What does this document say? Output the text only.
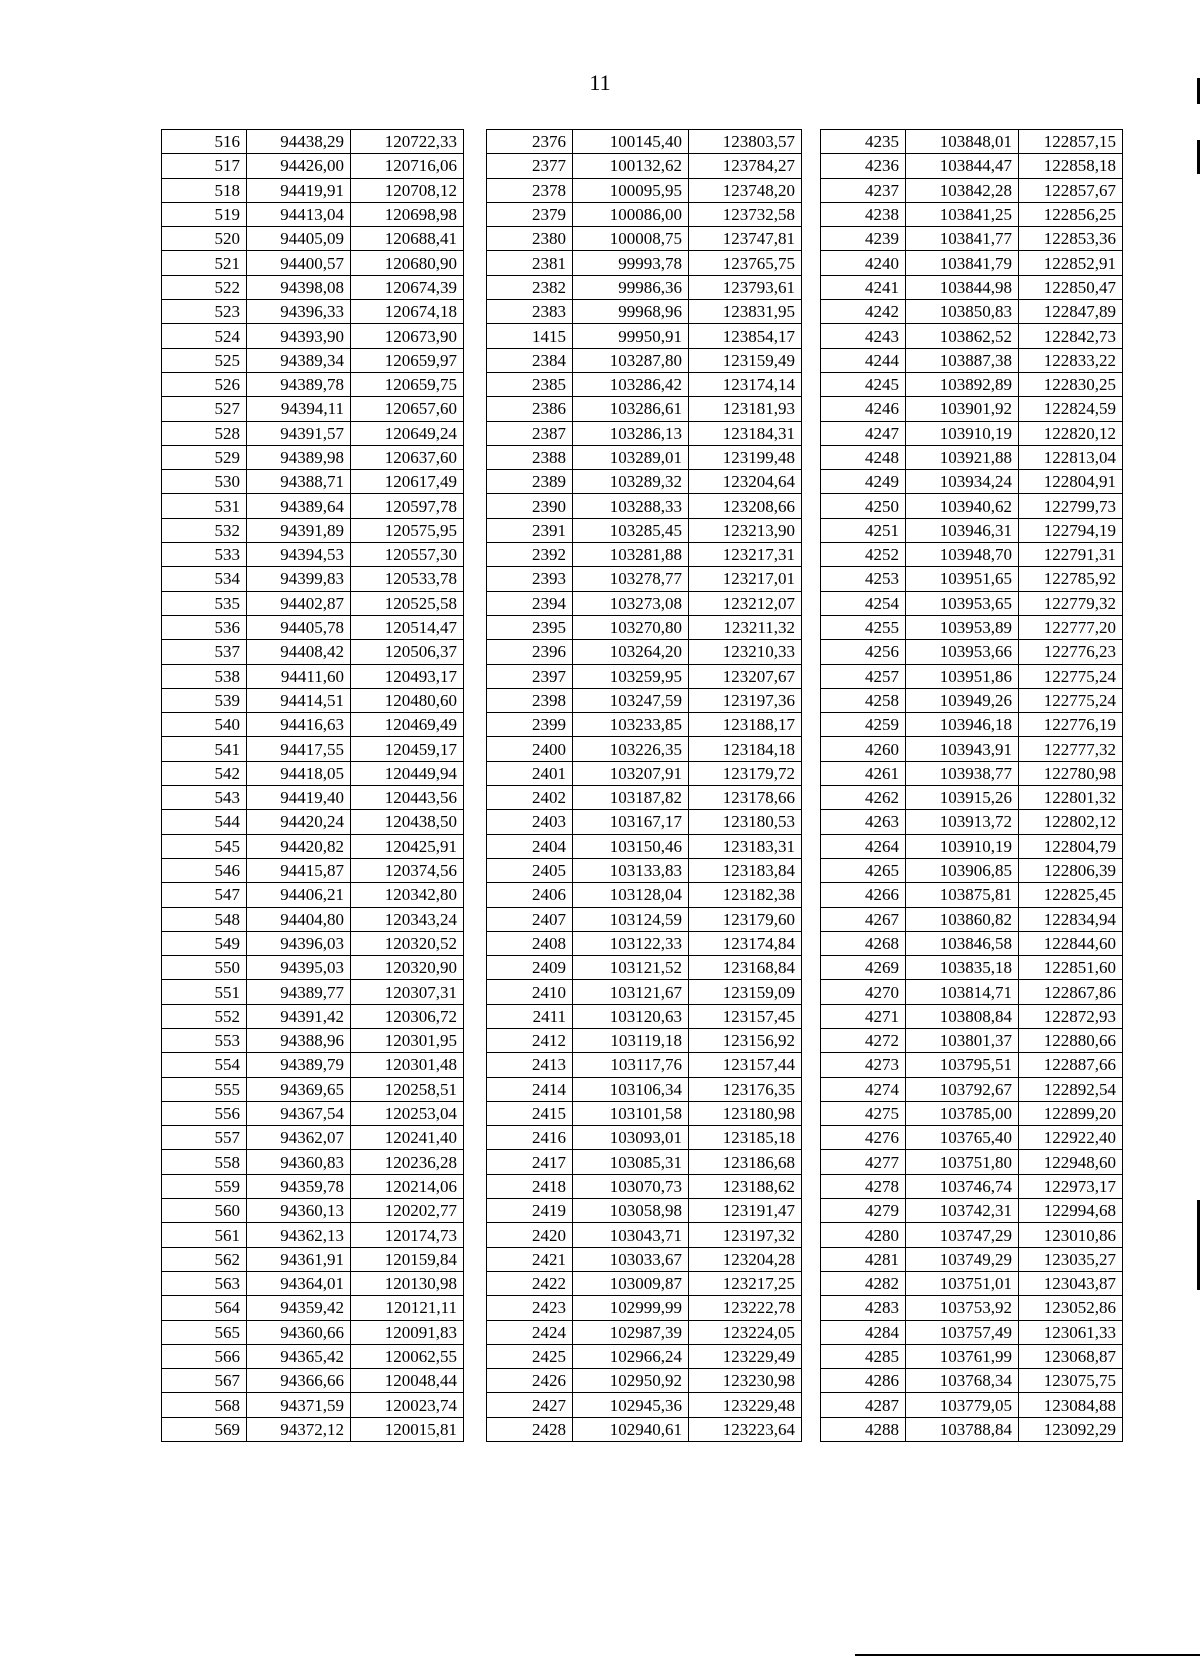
11
516	94438,29	120722,33
517	94426,00	120716,06
518	94419,91	120708,12
519	94413,04	120698,98
520	94405,09	120688,41
521	94400,57	120680,90
522	94398,08	120674,39
523	94396,33	120674,18
524	94393,90	120673,90
525	94389,34	120659,97
526	94389,78	120659,75
527	94394,11	120657,60
528	94391,57	120649,24
529	94389,98	120637,60
530	94388,71	120617,49
531	94389,64	120597,78
532	94391,89	120575,95
533	94394,53	120557,30
534	94399,83	120533,78
535	94402,87	120525,58
536	94405,78	120514,47
537	94408,42	120506,37
538	94411,60	120493,17
539	94414,51	120480,60
540	94416,63	120469,49
541	94417,55	120459,17
542	94418,05	120449,94
543	94419,40	120443,56
544	94420,24	120438,50
545	94420,82	120425,91
546	94415,87	120374,56
547	94406,21	120342,80
548	94404,80	120343,24
549	94396,03	120320,52
550	94395,03	120320,90
551	94389,77	120307,31
552	94391,42	120306,72
553	94388,96	120301,95
554	94389,79	120301,48
555	94369,65	120258,51
556	94367,54	120253,04
557	94362,07	120241,40
558	94360,83	120236,28
559	94359,78	120214,06
560	94360,13	120202,77
561	94362,13	120174,73
562	94361,91	120159,84
563	94364,01	120130,98
564	94359,42	120121,11
565	94360,66	120091,83
566	94365,42	120062,55
567	94366,66	120048,44
568	94371,59	120023,74
569	94372,12	120015,81
2376	100145,40	123803,57
2377	100132,62	123784,27
2378	100095,95	123748,20
2379	100086,00	123732,58
2380	100008,75	123747,81
2381	99993,78	123765,75
2382	99986,36	123793,61
2383	99968,96	123831,95
1415	99950,91	123854,17
2384	103287,80	123159,49
2385	103286,42	123174,14
2386	103286,61	123181,93
2387	103286,13	123184,31
2388	103289,01	123199,48
2389	103289,32	123204,64
2390	103288,33	123208,66
2391	103285,45	123213,90
2392	103281,88	123217,31
2393	103278,77	123217,01
2394	103273,08	123212,07
2395	103270,80	123211,32
2396	103264,20	123210,33
2397	103259,95	123207,67
2398	103247,59	123197,36
2399	103233,85	123188,17
2400	103226,35	123184,18
2401	103207,91	123179,72
2402	103187,82	123178,66
2403	103167,17	123180,53
2404	103150,46	123183,31
2405	103133,83	123183,84
2406	103128,04	123182,38
2407	103124,59	123179,60
2408	103122,33	123174,84
2409	103121,52	123168,84
2410	103121,67	123159,09
2411	103120,63	123157,45
2412	103119,18	123156,92
2413	103117,76	123157,44
2414	103106,34	123176,35
2415	103101,58	123180,98
2416	103093,01	123185,18
2417	103085,31	123186,68
2418	103070,73	123188,62
2419	103058,98	123191,47
2420	103043,71	123197,32
2421	103033,67	123204,28
2422	103009,87	123217,25
2423	102999,99	123222,78
2424	102987,39	123224,05
2425	102966,24	123229,49
2426	102950,92	123230,98
2427	102945,36	123229,48
2428	102940,61	123223,64
4235	103848,01	122857,15
4236	103844,47	122858,18
4237	103842,28	122857,67
4238	103841,25	122856,25
4239	103841,77	122853,36
4240	103841,79	122852,91
4241	103844,98	122850,47
4242	103850,83	122847,89
4243	103862,52	122842,73
4244	103887,38	122833,22
4245	103892,89	122830,25
4246	103901,92	122824,59
4247	103910,19	122820,12
4248	103921,88	122813,04
4249	103934,24	122804,91
4250	103940,62	122799,73
4251	103946,31	122794,19
4252	103948,70	122791,31
4253	103951,65	122785,92
4254	103953,65	122779,32
4255	103953,89	122777,20
4256	103953,66	122776,23
4257	103951,86	122775,24
4258	103949,26	122775,24
4259	103946,18	122776,19
4260	103943,91	122777,32
4261	103938,77	122780,98
4262	103915,26	122801,32
4263	103913,72	122802,12
4264	103910,19	122804,79
4265	103906,85	122806,39
4266	103875,81	122825,45
4267	103860,82	122834,94
4268	103846,58	122844,60
4269	103835,18	122851,60
4270	103814,71	122867,86
4271	103808,84	122872,93
4272	103801,37	122880,66
4273	103795,51	122887,66
4274	103792,67	122892,54
4275	103785,00	122899,20
4276	103765,40	122922,40
4277	103751,80	122948,60
4278	103746,74	122973,17
4279	103742,31	122994,68
4280	103747,29	123010,86
4281	103749,29	123035,27
4282	103751,01	123043,87
4283	103753,92	123052,86
4284	103757,49	123061,33
4285	103761,99	123068,87
4286	103768,34	123075,75
4287	103779,05	123084,88
4288	103788,84	123092,29
